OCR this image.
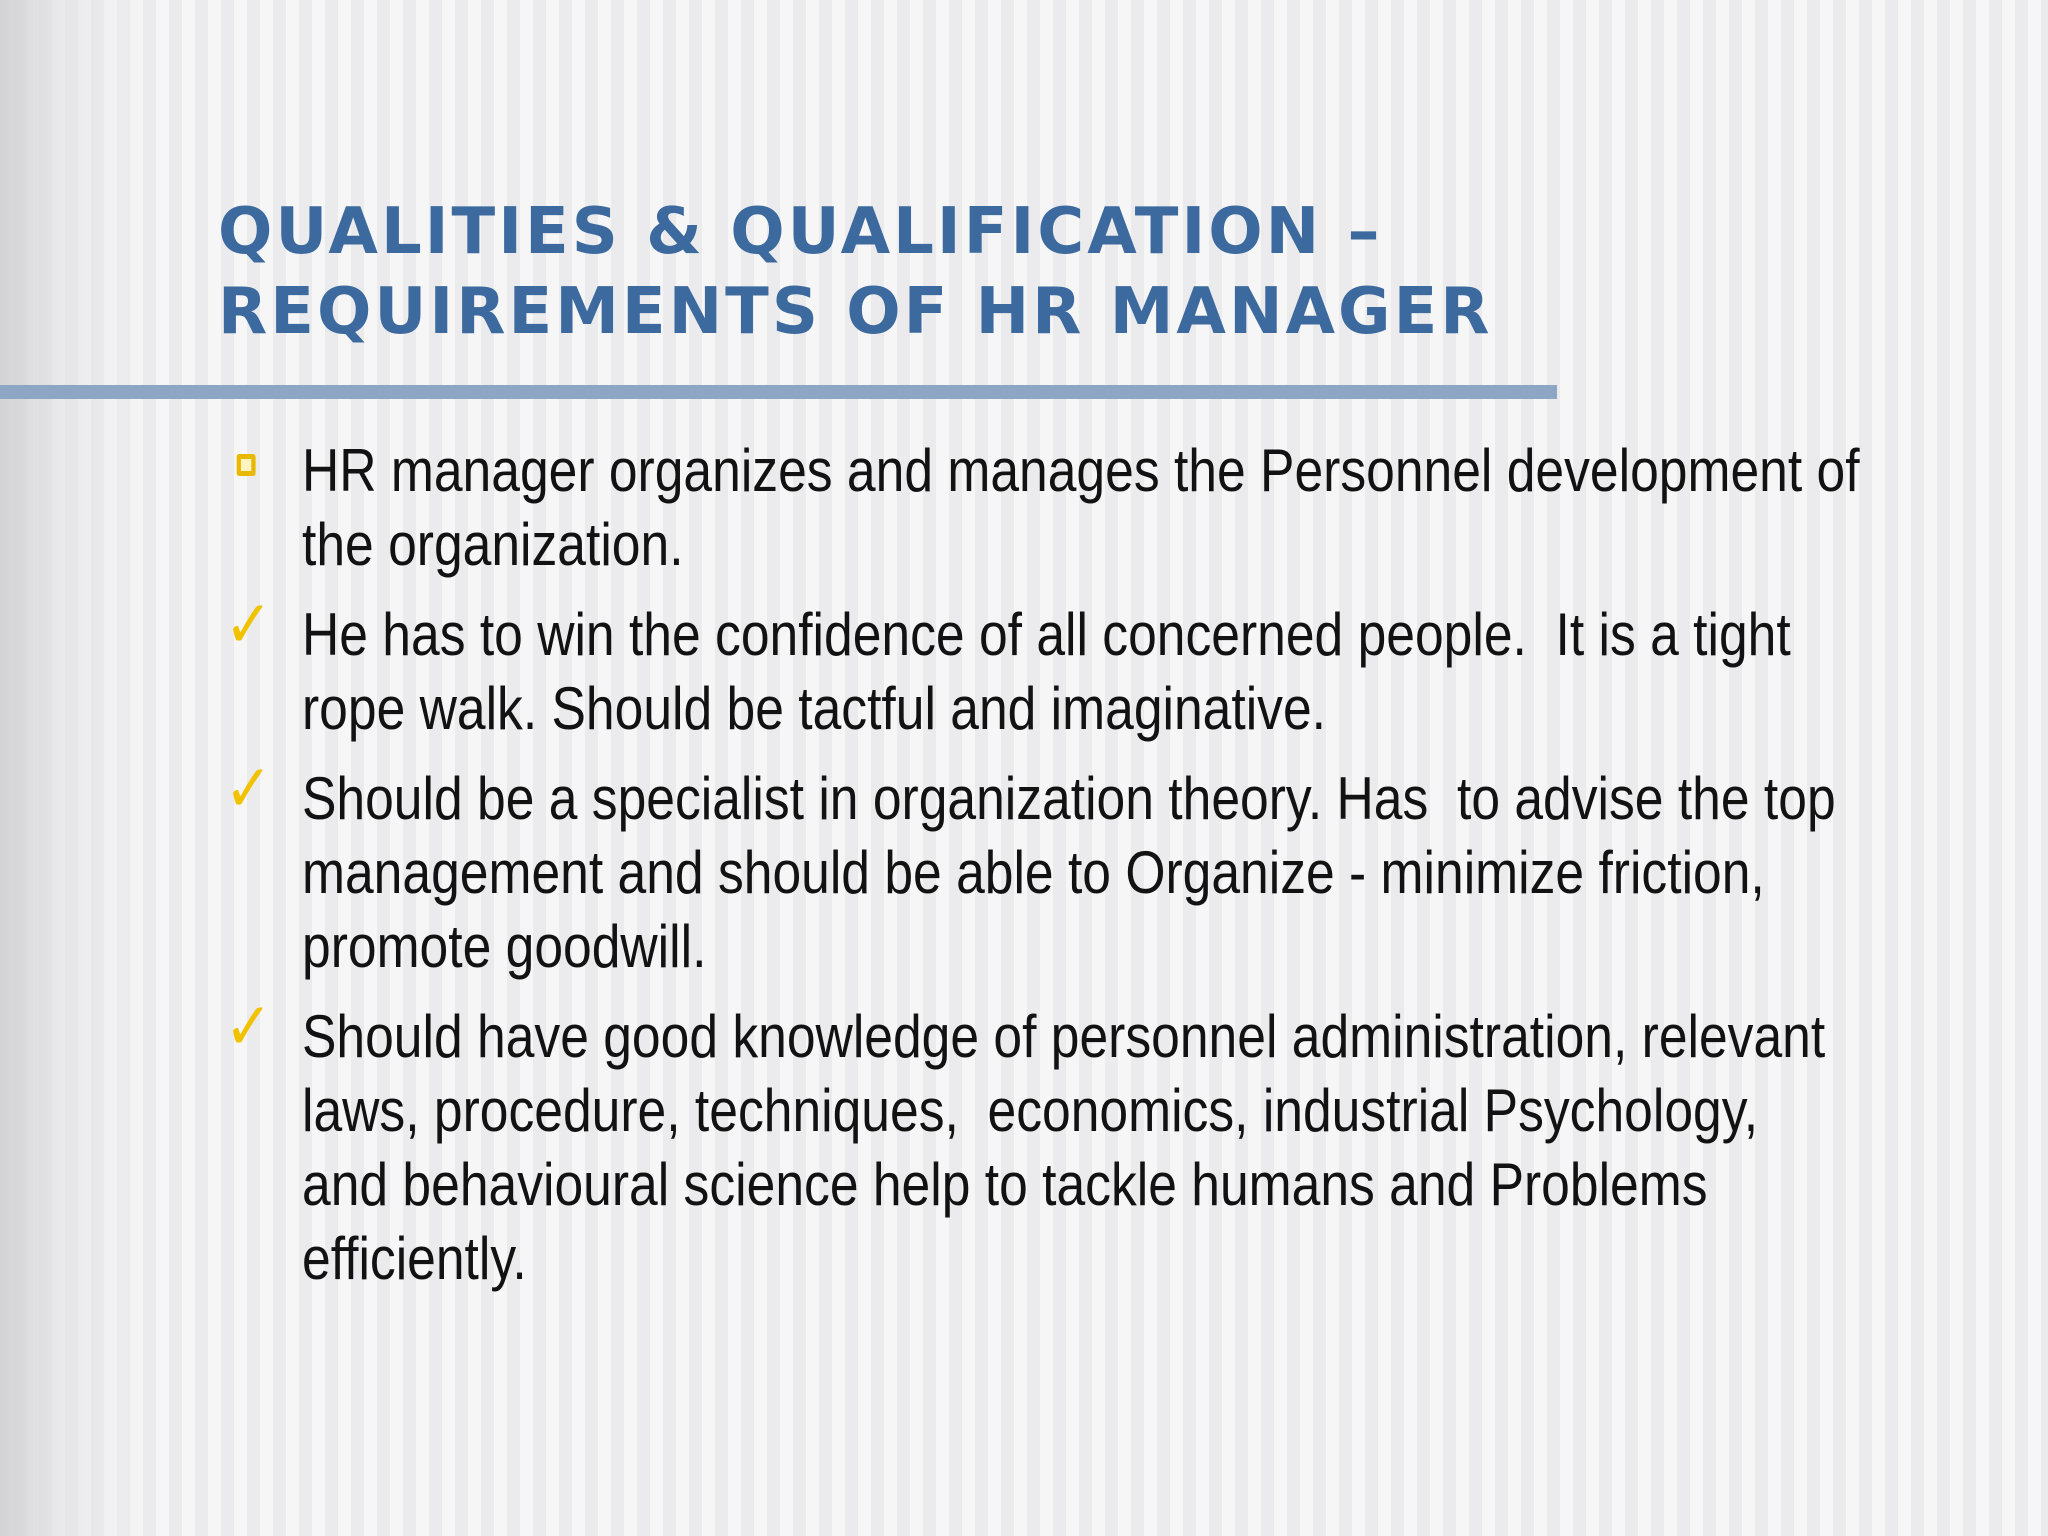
QUALITIES & QUALIFICATION –
REQUIREMENTS OF HR MANAGER
HR manager organizes and manages the Personnel development of
the organization.
✓ He has to win the confidence of all concerned people.  It is a tight
rope walk. Should be tactful and imaginative.
✓ Should be a specialist in organization theory. Has  to advise the top
management and should be able to Organize - minimize friction,
promote goodwill.
✓ Should have good knowledge of personnel administration, relevant
laws, procedure, techniques,  economics, industrial Psychology,
and behavioural science help to tackle humans and Problems
efficiently.
